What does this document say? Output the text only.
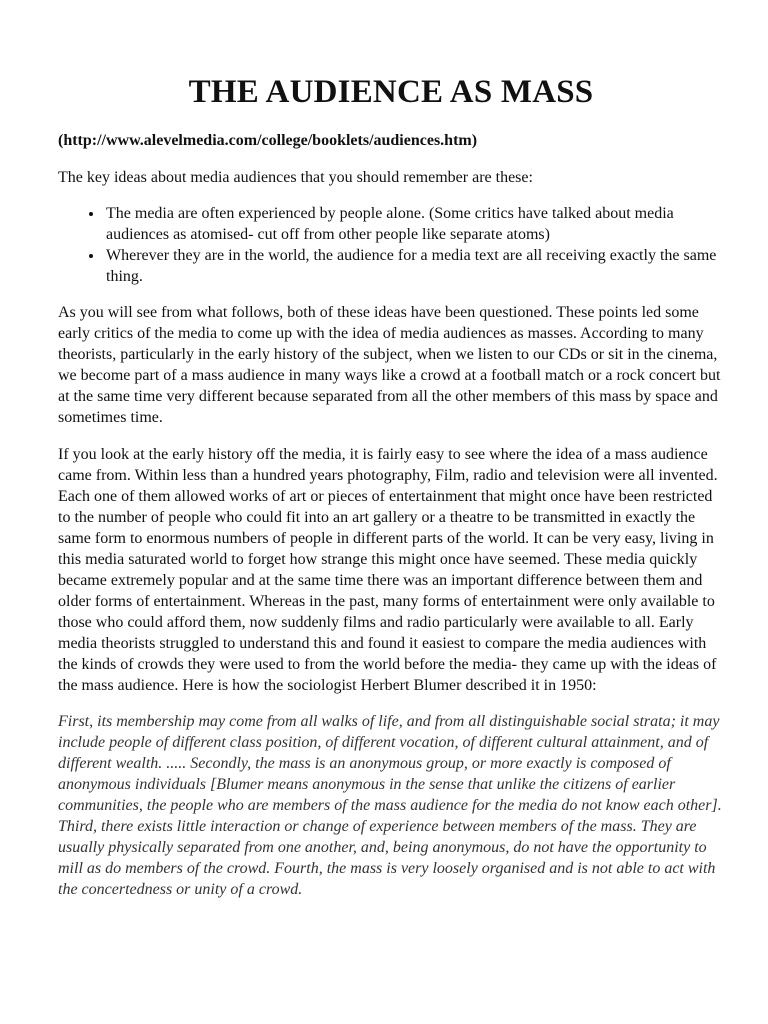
THE AUDIENCE AS MASS

(http://www.alevelmedia.com/college/booklets/audiences.htm)

The key ideas about media audiences that you should remember are these:

• The media are often experienced by people alone. (Some critics have talked about media audiences as atomised- cut off from other people like separate atoms)
• Wherever they are in the world, the audience for a media text are all receiving exactly the same thing.

As you will see from what follows, both of these ideas have been questioned. These points led some early critics of the media to come up with the idea of media audiences as masses. According to many theorists, particularly in the early history of the subject, when we listen to our CDs or sit in the cinema, we become part of a mass audience in many ways like a crowd at a football match or a rock concert but at the same time very different because separated from all the other members of this mass by space and sometimes time.

If you look at the early history off the media, it is fairly easy to see where the idea of a mass audience came from. Within less than a hundred years photography, Film, radio and television were all invented. Each one of them allowed works of art or pieces of entertainment that might once have been restricted to the number of people who could fit into an art gallery or a theatre to be transmitted in exactly the same form to enormous numbers of people in different parts of the world. It can be very easy, living in this media saturated world to forget how strange this might once have seemed. These media quickly became extremely popular and at the same time there was an important difference between them and older forms of entertainment. Whereas in the past, many forms of entertainment were only available to those who could afford them, now suddenly films and radio particularly were available to all. Early media theorists struggled to understand this and found it easiest to compare the media audiences with the kinds of crowds they were used to from the world before the media- they came up with the ideas of the mass audience. Here is how the sociologist Herbert Blumer described it in 1950:

First, its membership may come from all walks of life, and from all distinguishable social strata; it may include people of different class position, of different vocation, of different cultural attainment, and of different wealth. ..... Secondly, the mass is an anonymous group, or more exactly is composed of anonymous individuals [Blumer means anonymous in the sense that unlike the citizens of earlier communities, the people who are members of the mass audience for the media do not know each other]. Third, there exists little interaction or change of experience between members of the mass. They are usually physically separated from one another, and, being anonymous, do not have the opportunity to mill as do members of the crowd. Fourth, the mass is very loosely organised and is not able to act with the concertedness or unity of a crowd.
